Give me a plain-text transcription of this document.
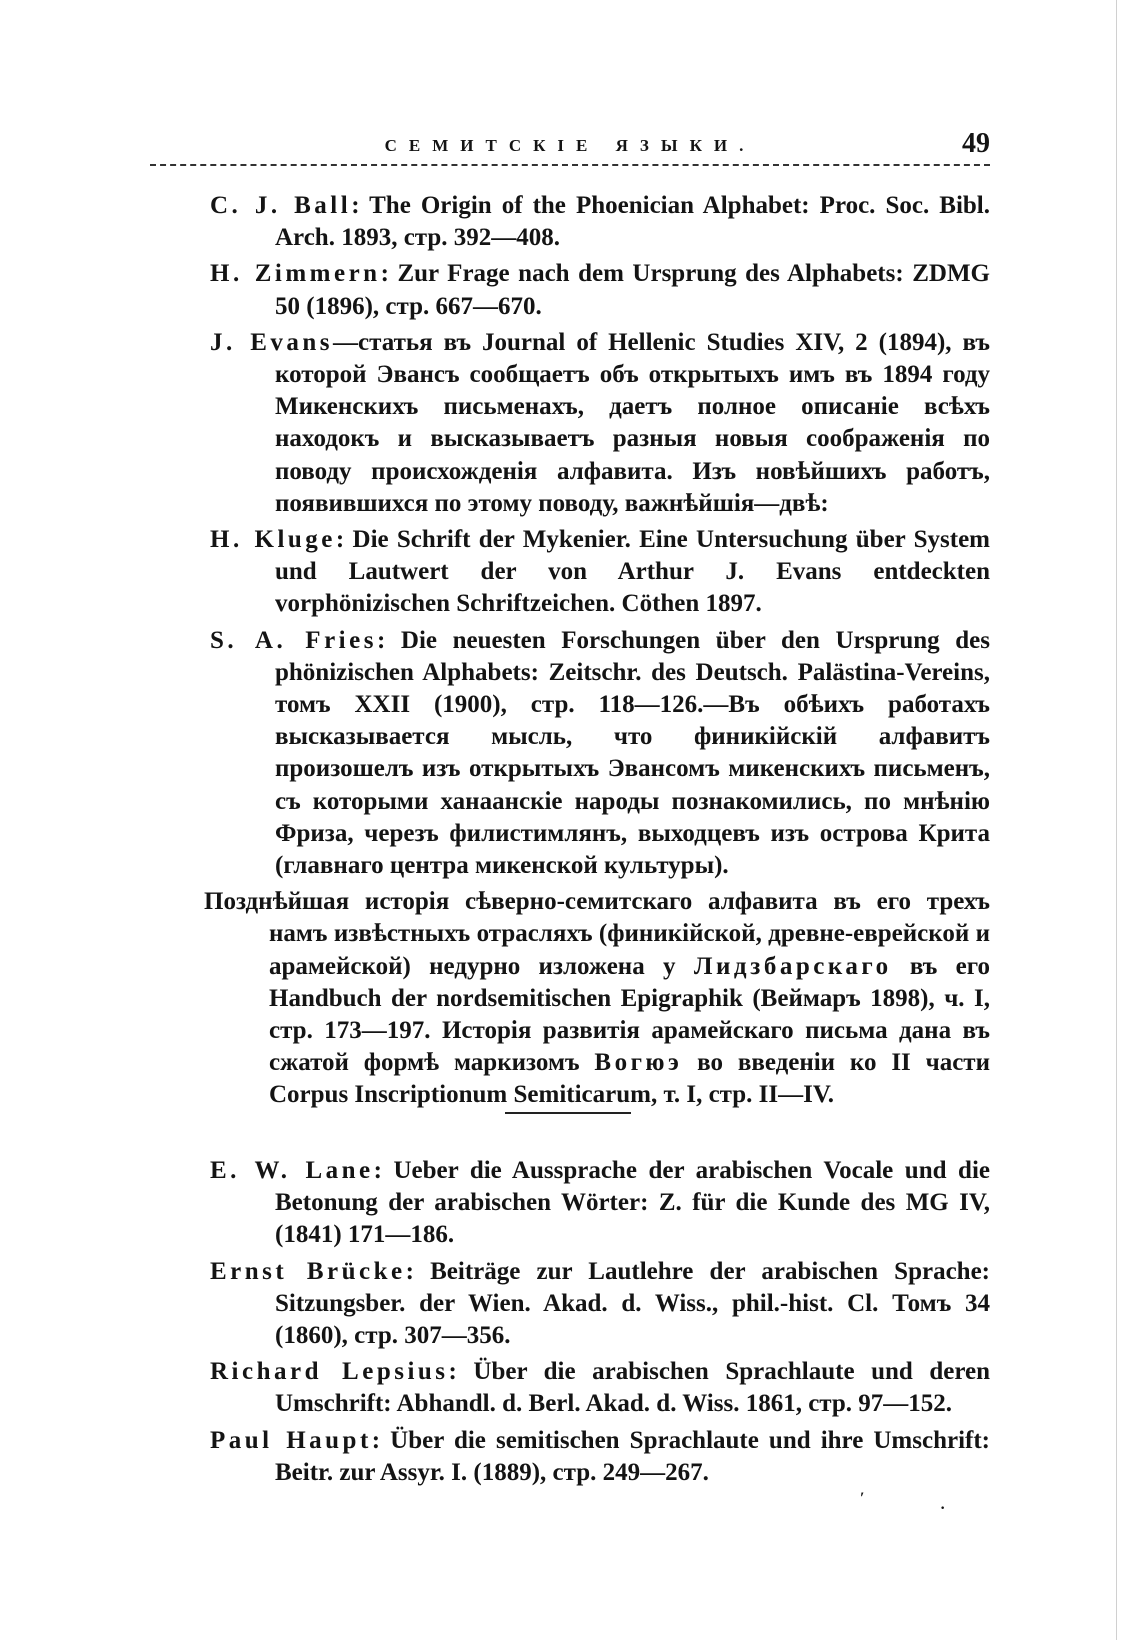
СЕМИТСКІЕ ЯЗЫКИ.	49

C. J. Ball: The Origin of the Phoenician Alphabet: Proc. Soc. Bibl. Arch. 1893, стр. 392—408.

H. Zimmern: Zur Frage nach dem Ursprung des Alphabets: ZDMG 50 (1896), стр. 667—670.

J. Evans—статья въ Journal of Hellenic Studies XIV, 2 (1894), въ которой Эвансъ сообщаетъ объ открытыхъ имъ въ 1894 году Микенскихъ письменахъ, даетъ полное описаніе всѣхъ находокъ и высказываетъ разныя новыя соображенія по поводу происхожденія алфавита. Изъ новѣйшихъ работъ, появившихся по этому поводу, важнѣйшія—двѣ:

H. Kluge: Die Schrift der Mykenier. Eine Untersuchung über System und Lautwert der von Arthur J. Evans entdeckten vorphönizischen Schriftzeichen. Cöthen 1897.

S. A. Fries: Die neuesten Forschungen über den Ursprung des phönizischen Alphabets: Zeitschr. des Deutsch. Palästina-Vereins, томъ XXII (1900), стр. 118—126.—Въ обѣихъ работахъ высказывается мысль, что финикійскій алфавитъ произошелъ изъ открытыхъ Эвансомъ микенскихъ письменъ, съ которыми ханаанскіе народы познакомились, по мнѣнію Фриза, черезъ филистимлянъ, выходцевъ изъ острова Крита (главнаго центра микенской культуры).

Позднѣйшая исторія сѣверно-семитскаго алфавита въ его трехъ намъ извѣстныхъ отрасляхъ (финикійской, древне-еврейской и арамейской) недурно изложена у Лидзбарскаго въ его Handbuch der nordsemitischen Epigraphik (Веймаръ 1898), ч. I, стр. 173—197. Исторія развитія арамейскаго письма дана въ сжатой формѣ маркизомъ Вогюэ во введеніи ко II части Corpus Inscriptionum Semiticarum, т. I, стр. II—IV.

E. W. Lane: Ueber die Aussprache der arabischen Vocale und die Betonung der arabischen Wörter: Z. für die Kunde des MG IV, (1841) 171—186.

Ernst Brücke: Beiträge zur Lautlehre der arabischen Sprache: Sitzungsber. der Wien. Akad. d. Wiss., phil.-hist. Cl. Томъ 34 (1860), стр. 307—356.

Richard Lepsius: Über die arabischen Sprachlaute und deren Umschrift: Abhandl. d. Berl. Akad. d. Wiss. 1861, стр. 97—152.

Paul Haupt: Über die semitischen Sprachlaute und ihre Umschrift: Beitr. zur Assyr. I. (1889), стр. 249—267.

′
·
